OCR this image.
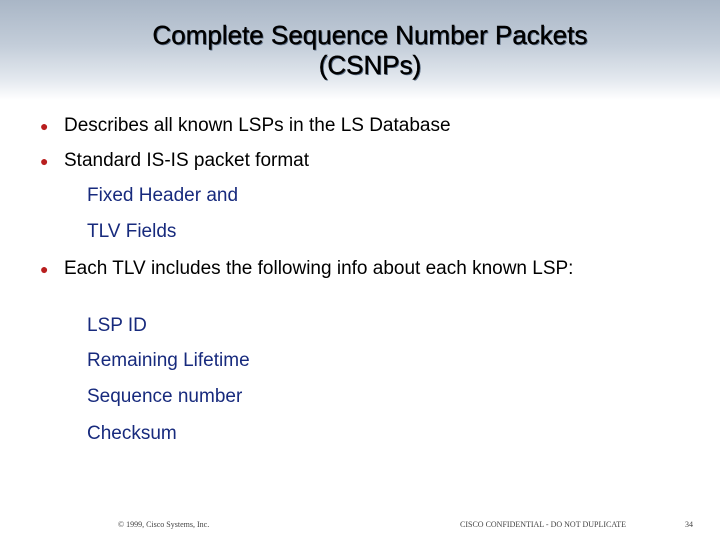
Complete Sequence Number Packets
(CSNPs)
● Describes all known LSPs in the LS Database
● Standard IS-IS packet format
Fixed Header and
TLV Fields
● Each TLV includes the following info about each known LSP:
LSP ID
Remaining Lifetime
Sequence number
Checksum
© 1999, Cisco Systems, Inc.	CISCO CONFIDENTIAL - DO NOT DUPLICATE	34
